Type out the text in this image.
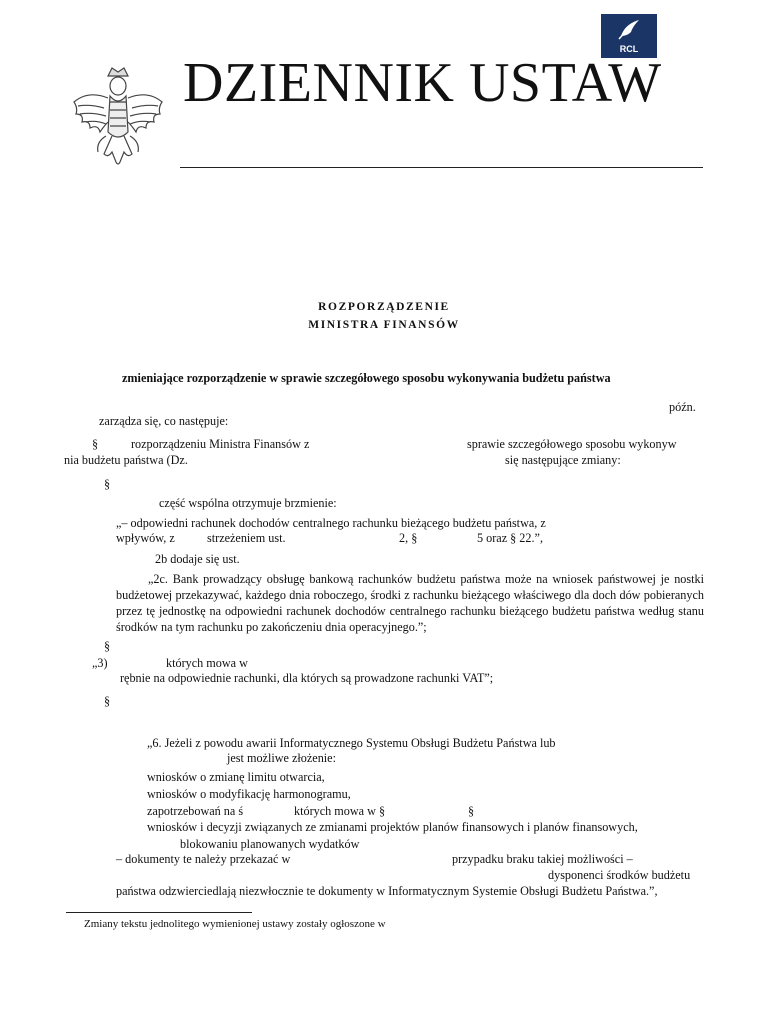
RCL
DZIENNIK USTAW
ROZPORZĄDZENIE
MINISTRA FINANSÓW
zmieniające rozporządzenie w sprawie szczegółowego sposobu wykonywania budżetu państwa
późn.
zarządza się, co następuje:
§	rozporządzeniu Ministra Finansów z	sprawie szczegółowego sposobu wykonyw
nia budżetu państwa (Dz.	się następujące zmiany:
§
część wspólna otrzymuje brzmienie:
„– odpowiedni rachunek dochodów centralnego rachunku bieżącego budżetu państwa, z
wpływów, z	strzeżeniem ust.	2, §	5 oraz § 22.”,
2b dodaje się ust.
„2c. Bank prowadzący obsługę bankową rachunków budżetu państwa może na wniosek państwowej je nostki budżetowej przekazywać, każdego dnia roboczego, środki z rachunku bieżącego właściwego dla doch dów pobieranych przez tę jednostkę na odpowiedni rachunek dochodów centralnego rachunku bieżącego budżetu państwa według stanu środków na tym rachunku po zakończeniu dnia operacyjnego.”;
§
„3)	których mowa w
rębnie na odpowiednie rachunki, dla których są prowadzone rachunki VAT”;
§
„6. Jeżeli z powodu awarii Informatycznego Systemu Obsługi Budżetu Państwa lub
jest możliwe złożenie:
wniosków o zmianę limitu otwarcia,
wniosków o modyfikację harmonogramu,
zapotrzebowań na ś	których mowa w §	§
wniosków i decyzji związanych ze zmianami projektów planów finansowych i planów finansowych,
blokowaniu planowanych wydatków
– dokumenty te należy przekazać w	przypadku braku takiej możliwości –
dysponenci środków budżetu
państwa odzwierciedlają niezwłocznie te dokumenty w Informatycznym Systemie Obsługi Budżetu Państwa.”,
Zmiany tekstu jednolitego wymienionej ustawy zostały ogłoszone w
